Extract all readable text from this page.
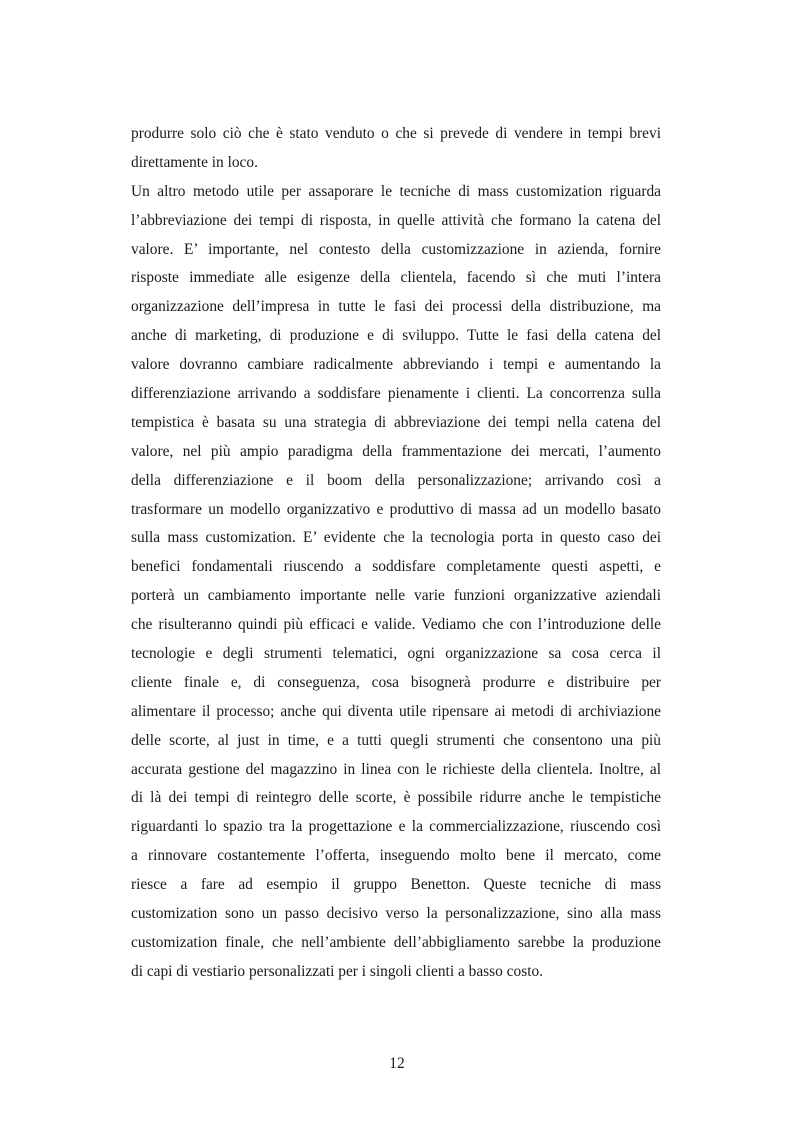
produrre solo ciò che è stato venduto o che si prevede di vendere in tempi brevi
direttamente in loco.
Un altro metodo utile per assaporare le tecniche di mass customization riguarda
l’abbreviazione dei tempi di risposta, in quelle attività che formano la catena del
valore. E’ importante, nel contesto della customizzazione in azienda, fornire
risposte immediate alle esigenze della clientela, facendo sì che muti l’intera
organizzazione dell’impresa in tutte le fasi dei processi della distribuzione, ma
anche di marketing, di produzione e di sviluppo. Tutte le fasi della catena del
valore dovranno cambiare radicalmente abbreviando i tempi e aumentando la
differenziazione arrivando a soddisfare pienamente i clienti. La concorrenza sulla
tempistica è basata su una strategia di abbreviazione dei tempi nella catena del
valore, nel più ampio paradigma della frammentazione dei mercati, l’aumento
della differenziazione e il boom della personalizzazione; arrivando così a
trasformare un modello organizzativo e produttivo di massa ad un modello basato
sulla mass customization. E’ evidente che la tecnologia porta in questo caso dei
benefici fondamentali riuscendo a soddisfare completamente questi aspetti, e
porterà un cambiamento importante nelle varie funzioni organizzative aziendali
che risulteranno quindi più efficaci e valide. Vediamo che con l’introduzione delle
tecnologie e degli strumenti telematici, ogni organizzazione sa cosa cerca il
cliente finale e, di conseguenza, cosa bisognerà produrre e distribuire per
alimentare il processo; anche qui diventa utile ripensare ai metodi di archiviazione
delle scorte, al just in time, e a tutti quegli strumenti che consentono una più
accurata gestione del magazzino in linea con le richieste della clientela. Inoltre, al
di là dei tempi di reintegro delle scorte, è possibile ridurre anche le tempistiche
riguardanti lo spazio tra la progettazione e la commercializzazione, riuscendo così
a rinnovare costantemente l’offerta, inseguendo molto bene il mercato, come
riesce a fare ad esempio il gruppo Benetton. Queste tecniche di mass
customization sono un passo decisivo verso la personalizzazione, sino alla mass
customization finale, che nell’ambiente dell’abbigliamento sarebbe la produzione
di capi di vestiario personalizzati per i singoli clienti a basso costo.
12
